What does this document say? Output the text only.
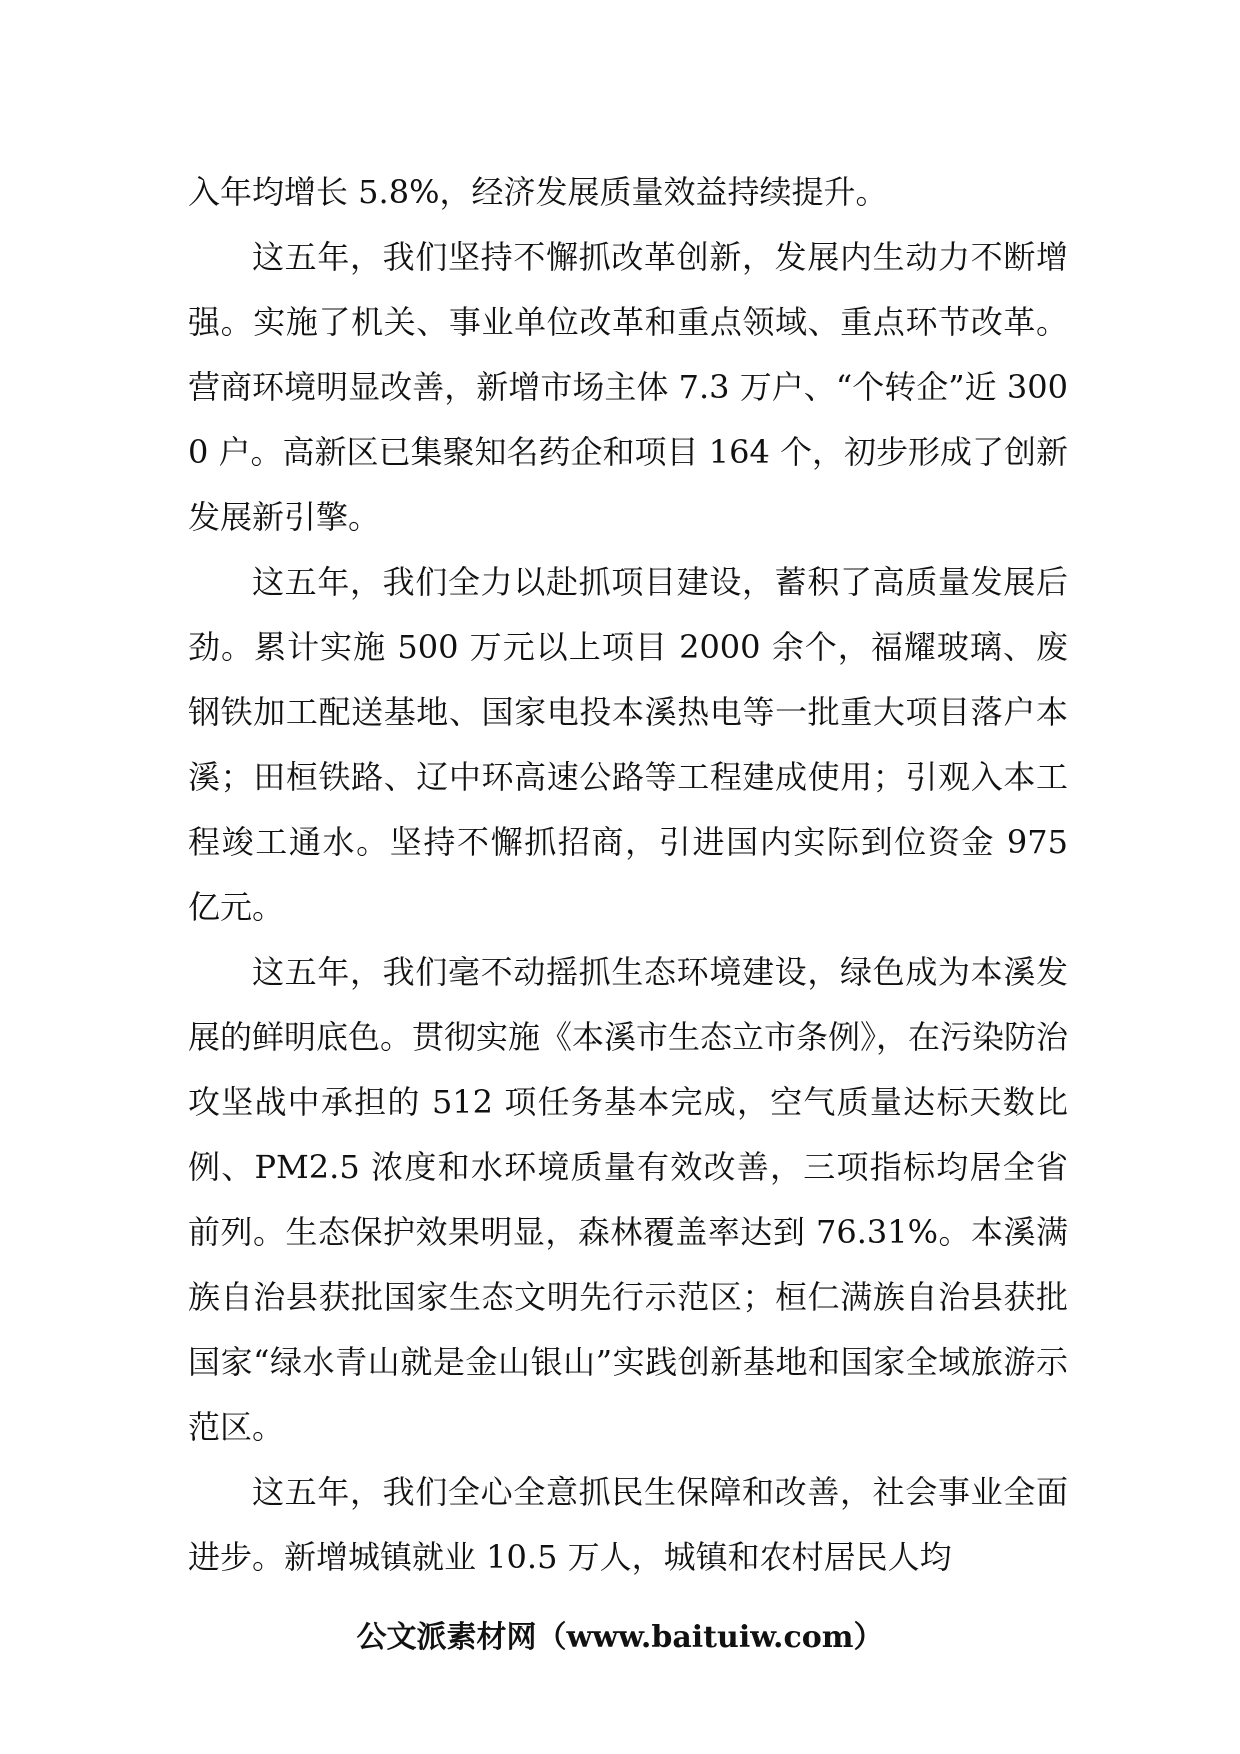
入年均增长 5.8%，经济发展质量效益持续提升。

这五年，我们坚持不懈抓改革创新，发展内生动力不断增强。实施了机关、事业单位改革和重点领域、重点环节改革。营商环境明显改善，新增市场主体 7.3 万户、“个转企”近 3000 户。高新区已集聚知名药企和项目 164 个，初步形成了创新发展新引擎。

这五年，我们全力以赴抓项目建设，蓄积了高质量发展后劲。累计实施 500 万元以上项目 2000 余个，福耀玻璃、废钢铁加工配送基地、国家电投本溪热电等一批重大项目落户本溪；田桓铁路、辽中环高速公路等工程建成使用；引观入本工程竣工通水。坚持不懈抓招商，引进国内实际到位资金 975 亿元。

这五年，我们毫不动摇抓生态环境建设，绿色成为本溪发展的鲜明底色。贯彻实施《本溪市生态立市条例》，在污染防治攻坚战中承担的 512 项任务基本完成，空气质量达标天数比例、PM2.5 浓度和水环境质量有效改善，三项指标均居全省前列。生态保护效果明显，森林覆盖率达到 76.31%。本溪满族自治县获批国家生态文明先行示范区；桓仁满族自治县获批国家“绿水青山就是金山银山”实践创新基地和国家全域旅游示范区。

这五年，我们全心全意抓民生保障和改善，社会事业全面进步。新增城镇就业 10.5 万人，城镇和农村居民人均

公文派素材网（www.baituiw.com）
